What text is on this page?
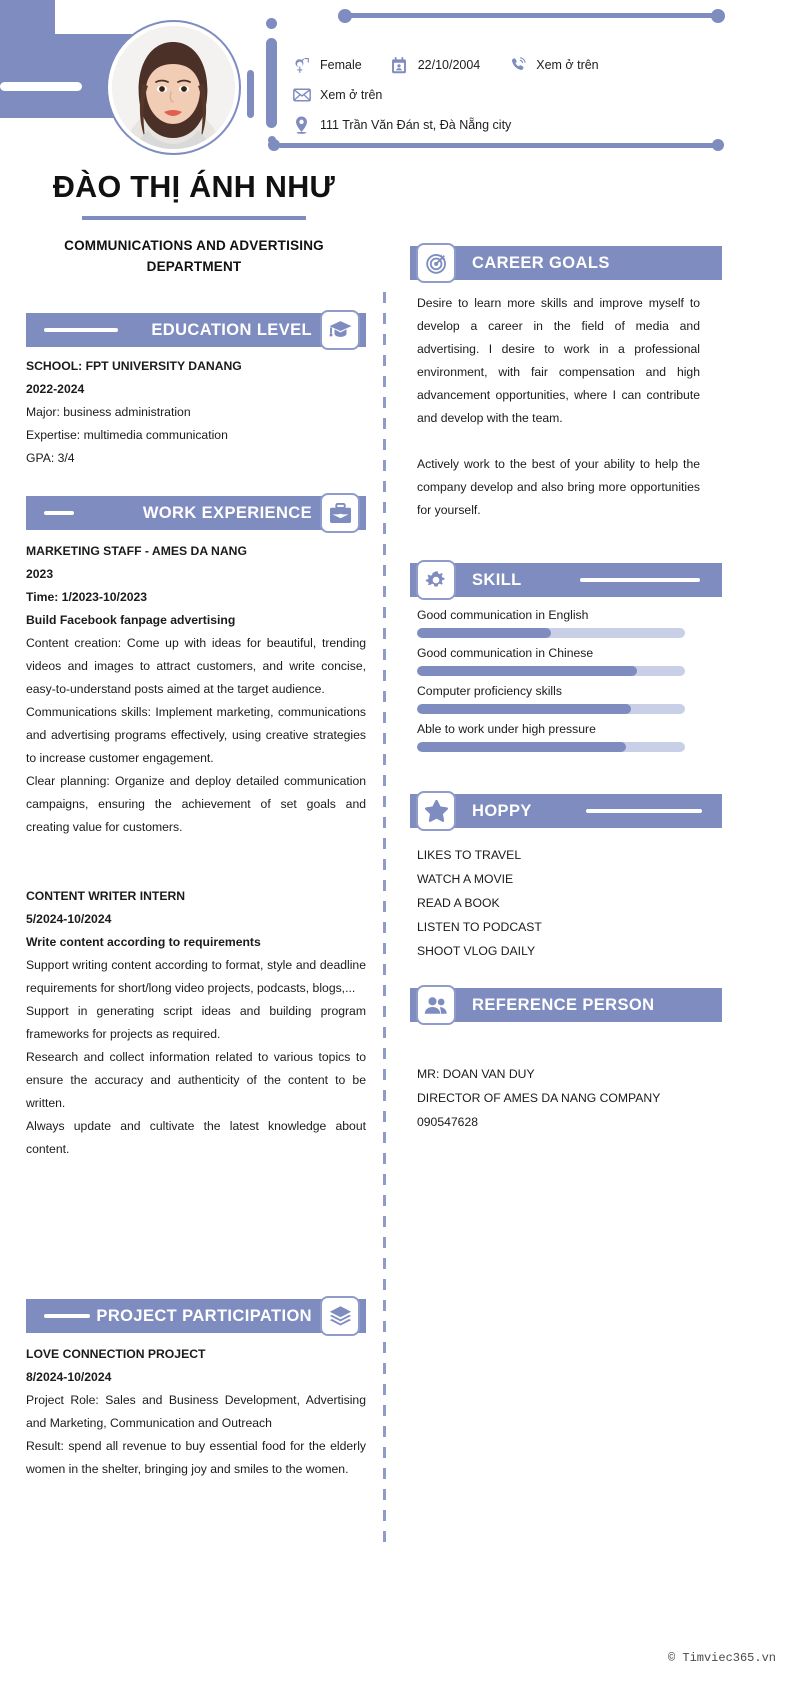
Female	22/10/2004	Xem ở trên
Xem ở trên
111 Trần Văn Đán st, Đà Nẵng city
ĐÀO THỊ ÁNH NHƯ
COMMUNICATIONS AND ADVERTISING DEPARTMENT
EDUCATION LEVEL
SCHOOL: FPT UNIVERSITY DANANG
2022-2024
Major: business administration
Expertise: multimedia communication
GPA: 3/4
WORK EXPERIENCE
MARKETING STAFF - AMES DA NANG
2023
Time: 1/2023-10/2023
Build Facebook fanpage advertising
Content creation: Come up with ideas for beautiful, trending videos and images to attract customers, and write concise, easy-to-understand posts aimed at the target audience.
Communications skills: Implement marketing, communications and advertising programs effectively, using creative strategies to increase customer engagement.
Clear planning: Organize and deploy detailed communication campaigns, ensuring the achievement of set goals and creating value for customers.
CONTENT WRITER INTERN
5/2024-10/2024
Write content according to requirements
Support writing content according to format, style and deadline requirements for short/long video projects, podcasts, blogs,...
Support in generating script ideas and building program frameworks for projects as required.
Research and collect information related to various topics to ensure the accuracy and authenticity of the content to be written.
Always update and cultivate the latest knowledge about content.
PROJECT PARTICIPATION
LOVE CONNECTION PROJECT
8/2024-10/2024
Project Role: Sales and Business Development, Advertising and Marketing, Communication and Outreach
Result: spend all revenue to buy essential food for the elderly women in the shelter, bringing joy and smiles to the women.
CAREER GOALS
Desire to learn more skills and improve myself to develop a career in the field of media and advertising. I desire to work in a professional environment, with fair compensation and high advancement opportunities, where I can contribute and develop with the team.
Actively work to the best of your ability to help the company develop and also bring more opportunities for yourself.
SKILL
Good communication in English
Good communication in Chinese
Computer proficiency skills
Able to work under high pressure
HOPPY
LIKES TO TRAVEL
WATCH A MOVIE
READ A BOOK
LISTEN TO PODCAST
SHOOT VLOG DAILY
REFERENCE PERSON
MR: DOAN VAN DUY
DIRECTOR OF AMES DA NANG COMPANY
090547628
© Timviec365.vn
